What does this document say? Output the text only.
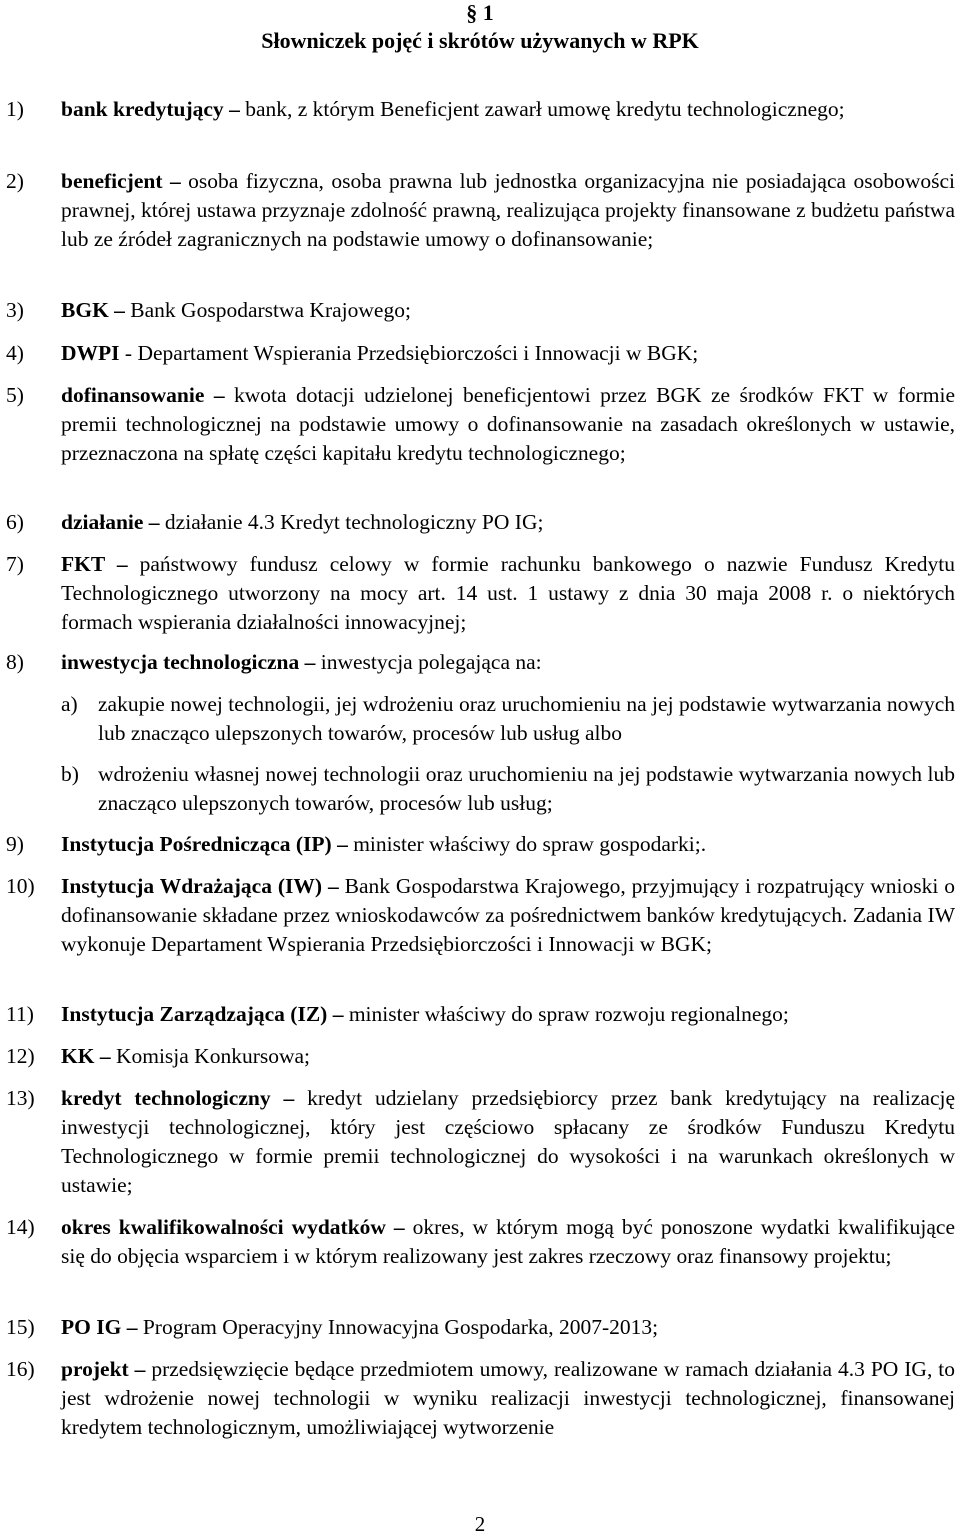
§ 1
Słowniczek pojęć i skrótów używanych w RPK
1) bank kredytujący – bank, z którym Beneficjent zawarł umowę kredytu technologicznego;
2) beneficjent – osoba fizyczna, osoba prawna lub jednostka organizacyjna nie posiadająca osobowości prawnej, której ustawa przyznaje zdolność prawną, realizująca projekty finansowane z budżetu państwa lub ze źródeł zagranicznych na podstawie umowy o dofinansowanie;
3) BGK – Bank Gospodarstwa Krajowego;
4) DWPI - Departament Wspierania Przedsiębiorczości i Innowacji w BGK;
5) dofinansowanie – kwota dotacji udzielonej beneficjentowi przez BGK ze środków FKT w formie premii technologicznej na podstawie umowy o dofinansowanie na zasadach określonych w ustawie, przeznaczona na spłatę części kapitału kredytu technologicznego;
6) działanie – działanie 4.3 Kredyt technologiczny PO IG;
7) FKT – państwowy fundusz celowy w formie rachunku bankowego o nazwie Fundusz Kredytu Technologicznego utworzony na mocy art. 14 ust. 1 ustawy z dnia 30 maja 2008 r. o niektórych formach wspierania działalności innowacyjnej;
8) inwestycja technologiczna – inwestycja polegająca na:
a) zakupie nowej technologii, jej wdrożeniu oraz uruchomieniu na jej podstawie wytwarzania nowych lub znacząco ulepszonych towarów, procesów lub usług albo
b) wdrożeniu własnej nowej technologii oraz uruchomieniu na jej podstawie wytwarzania nowych lub znacząco ulepszonych towarów, procesów lub usług;
9) Instytucja Pośrednicząca (IP) – minister właściwy do spraw gospodarki;.
10) Instytucja Wdrażająca (IW) – Bank Gospodarstwa Krajowego, przyjmujący i rozpatrujący wnioski o dofinansowanie składane przez wnioskodawców za pośrednictwem banków kredytujących. Zadania IW wykonuje Departament Wspierania Przedsiębiorczości i Innowacji w BGK;
11) Instytucja Zarządzająca (IZ) – minister właściwy do spraw rozwoju regionalnego;
12) KK – Komisja Konkursowa;
13) kredyt technologiczny – kredyt udzielany przedsiębiorcy przez bank kredytujący na realizację inwestycji technologicznej, który jest częściowo spłacany ze środków Funduszu Kredytu Technologicznego w formie premii technologicznej do wysokości i na warunkach określonych w ustawie;
14) okres kwalifikowalności wydatków – okres, w którym mogą być ponoszone wydatki kwalifikujące się do objęcia wsparciem i w którym realizowany jest zakres rzeczowy oraz finansowy projektu;
15) PO IG – Program Operacyjny Innowacyjna Gospodarka, 2007-2013;
16) projekt – przedsięwzięcie będące przedmiotem umowy, realizowane w ramach działania 4.3 PO IG, to jest wdrożenie nowej technologii w wyniku realizacji inwestycji technologicznej, finansowanej kredytem technologicznym, umożliwiającej wytworzenie
2
